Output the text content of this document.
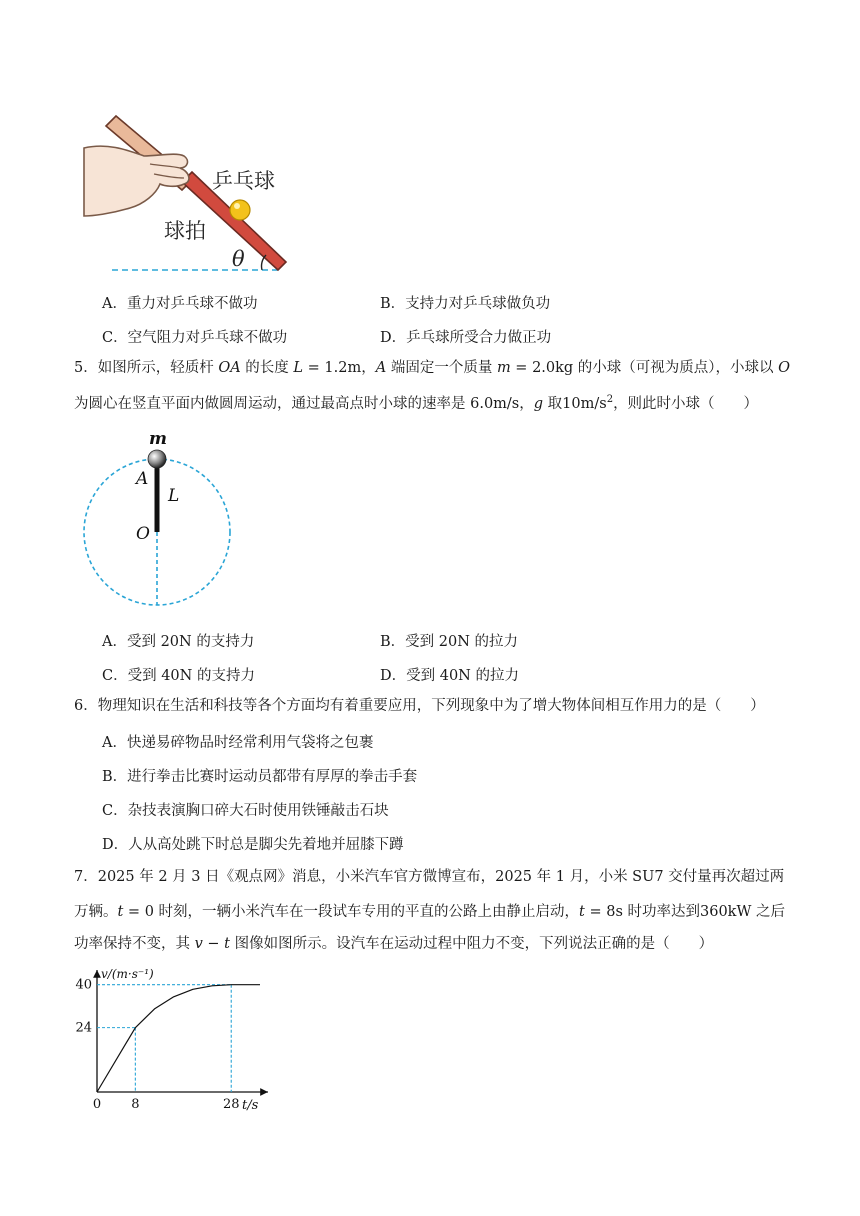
乒乓球
球拍
θ
A．重力对乒乓球不做功	B．支持力对乒乓球做负功
C．空气阻力对乒乓球不做功	D．乒乓球所受合力做正功
5．如图所示，轻质杆 OA 的长度 L = 1.2m，A 端固定一个质量 m = 2.0kg 的小球（可视为质点），小球以 O
为圆心在竖直平面内做圆周运动，通过最高点时小球的速率是 6.0m/s，g 取$10m/s^2$，则此时小球（　　）
m
A
L
O
A．受到 20N 的支持力	B．受到 20N 的拉力
C．受到 40N 的支持力	D．受到 40N 的拉力
6．物理知识在生活和科技等各个方面均有着重要应用，下列现象中为了增大物体间相互作用力的是（　　）
A．快递易碎物品时经常利用气袋将之包裹
B．进行拳击比赛时运动员都带有厚厚的拳击手套
C．杂技表演胸口碎大石时使用铁锤敲击石块
D．人从高处跳下时总是脚尖先着地并屈膝下蹲
7．2025 年 2 月 3 日《观点网》消息，小米汽车官方微博宣布，2025 年 1 月，小米 SU7 交付量再次超过两
万辆。t = 0 时刻，一辆小米汽车在一段试车专用的平直的公路上由静止启动，t = 8s 时功率达到360kW 之后
功率保持不变，其 v − t 图像如图所示。设汽车在运动过程中阻力不变，下列说法正确的是（　　）
0 8	28
24
40
t/s
v/(m·s⁻¹)
